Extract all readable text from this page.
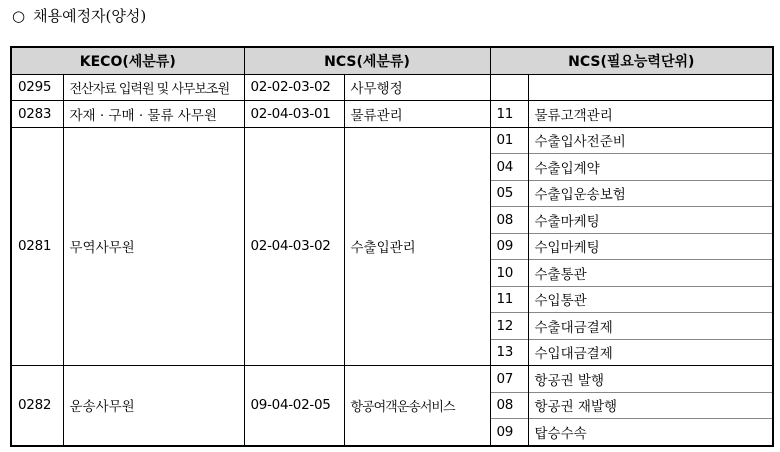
○ 채용예정자(양성)
KECO(세분류)		NCS(세분류)		NCS(필요능력단위)	
0295	전산자료 입력원 및 사무보조원	02-02-03-02	사무행정		
0283	자재 · 구매 · 물류 사무원	02-04-03-01	물류관리	11	물류고객관리
0281	무역사무원	02-04-03-02	수출입관리	01	수출입사전준비
				04	수출입계약
				05	수출입운송보험
				08	수출마케팅
				09	수입마케팅
				10	수출통관
				11	수입통관
				12	수출대금결제
				13	수입대금결제
0282	운송사무원	09-04-02-05	항공여객운송서비스	07	항공권 발행
				08	항공권 재발행
				09	탑승수속
